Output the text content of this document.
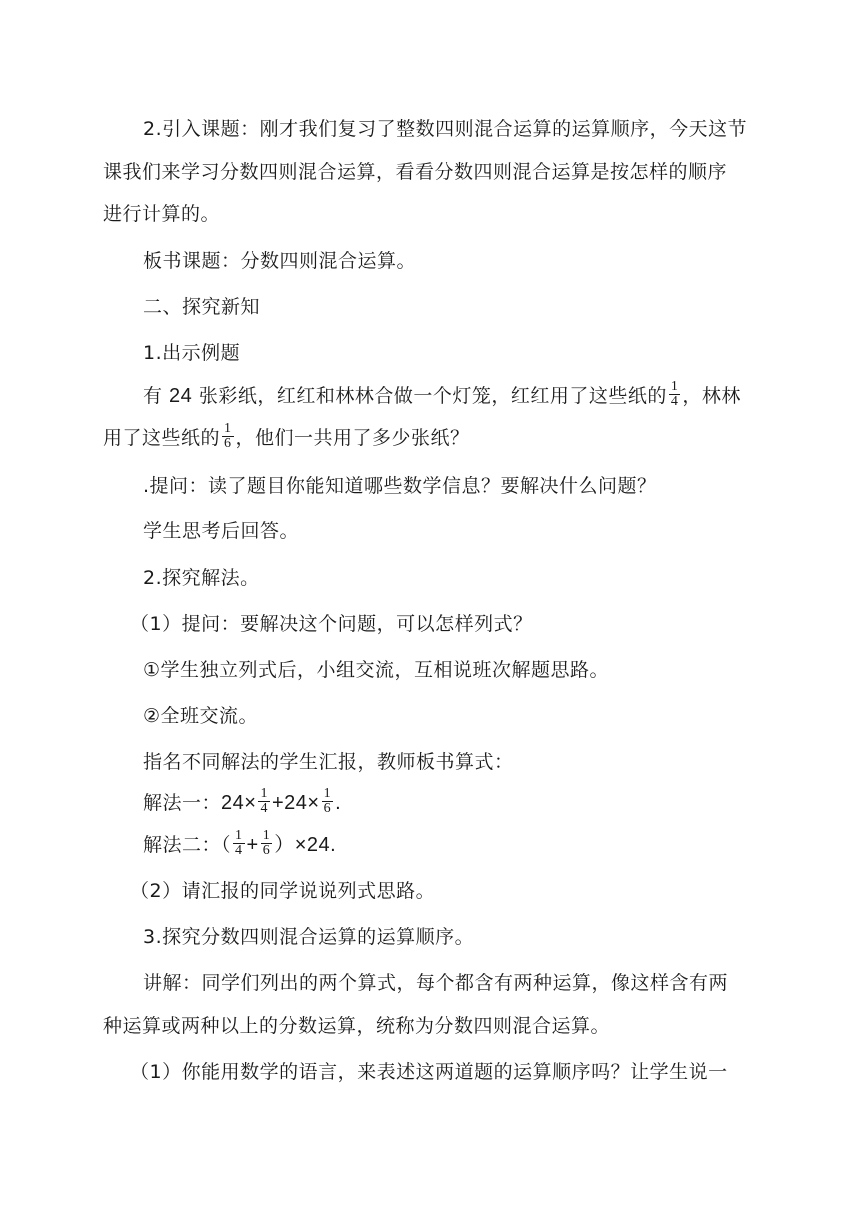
2.引入课题：刚才我们复习了整数四则混合运算的运算顺序，今天这节
课我们来学习分数四则混合运算，看看分数四则混合运算是按怎样的顺序
进行计算的。
板书课题：分数四则混合运算。
二、探究新知
1.出示例题
有 24 张彩纸，红红和林林合做一个灯笼，红红用了这些纸的 $\frac{1}{4}$ ，林林
用了这些纸的 $\frac{1}{6}$ ，他们一共用了多少张纸？
.提问：读了题目你能知道哪些数学信息？要解决什么问题？
学生思考后回答。
2.探究解法。
（1）提问：要解决这个问题，可以怎样列式？
①学生独立列式后，小组交流，互相说班次解题思路。
②全班交流。
指名不同解法的学生汇报，教师板书算式：
解法一：$24\times \frac{1}{4} +24\times \frac{1}{6}$ .
解法二：（ $\frac{1}{4} + \frac{1}{6} )\times 24$.
（2）请汇报的同学说说列式思路。
3.探究分数四则混合运算的运算顺序。
讲解：同学们列出的两个算式，每个都含有两种运算，像这样含有两
种运算或两种以上的分数运算，统称为分数四则混合运算。
（1）你能用数学的语言，来表述这两道题的运算顺序吗？让学生说一
